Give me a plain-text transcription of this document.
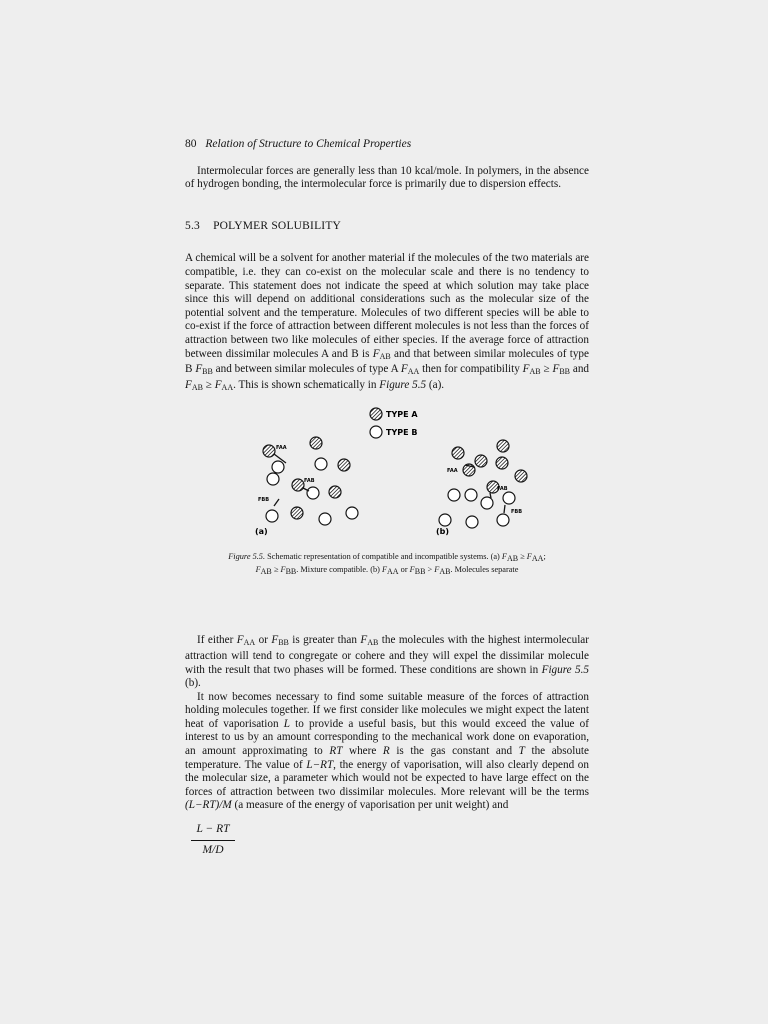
80 Relation of Structure to Chemical Properties

Intermolecular forces are generally less than 10 kcal/mole. In polymers, in the absence of hydrogen bonding, the intermolecular force is primarily due to dispersion effects.

5.3 POLYMER SOLUBILITY

A chemical will be a solvent for another material if the molecules of the two materials are compatible, i.e. they can co-exist on the molecular scale and there is no tendency to separate. This statement does not indicate the speed at which solution may take place since this will depend on additional considerations such as the molecular size of the potential solvent and the temperature. Molecules of two different species will be able to co-exist if the force of attraction between different molecules is not less than the forces of attraction between two like molecules of either species. If the average force of attraction between dissimilar molecules A and B is $F_{AB}$ and that between similar molecules of type B $F_{BB}$ and between similar molecules of type A $F_{AA}$ then for compatibility $F_{AB} \ge F_{BB}$ and $F_{AB} \ge F_{AA}$. This is shown schematically in Figure 5.5 (a).

TYPE A
TYPE B
FAA
FAB
FBB
(a)
FAA
FAB
FBB
(b)
Figure 5.5. Schematic representation of compatible and incompatible systems. (a) FAB ≥ FAA;
FAB ≥ FBB. Mixture compatible. (b) FAA or FBB > FAB. Molecules separate

If either $F_{AA}$ or $F_{BB}$ is greater than $F_{AB}$ the molecules with the highest intermolecular attraction will tend to congregate or cohere and they will expel the dissimilar molecule with the result that two phases will be formed. These conditions are shown in Figure 5.5 (b).

It now becomes necessary to find some suitable measure of the forces of attraction holding molecules together. If we first consider like molecules we might expect the latent heat of vaporisation L to provide a useful basis, but this would exceed the value of interest to us by an amount corresponding to the mechanical work done on evaporation, an amount approximating to RT where R is the gas constant and T the absolute temperature. The value of L−RT, the energy of vaporisation, will also clearly depend on the molecular size, a parameter which would not be expected to have large effect on the forces of attraction between two dissimilar molecules. More relevant will be the terms (L−RT)/M (a measure of the energy of vaporisation per unit weight) and

$\frac{L - RT}{M/D}$
